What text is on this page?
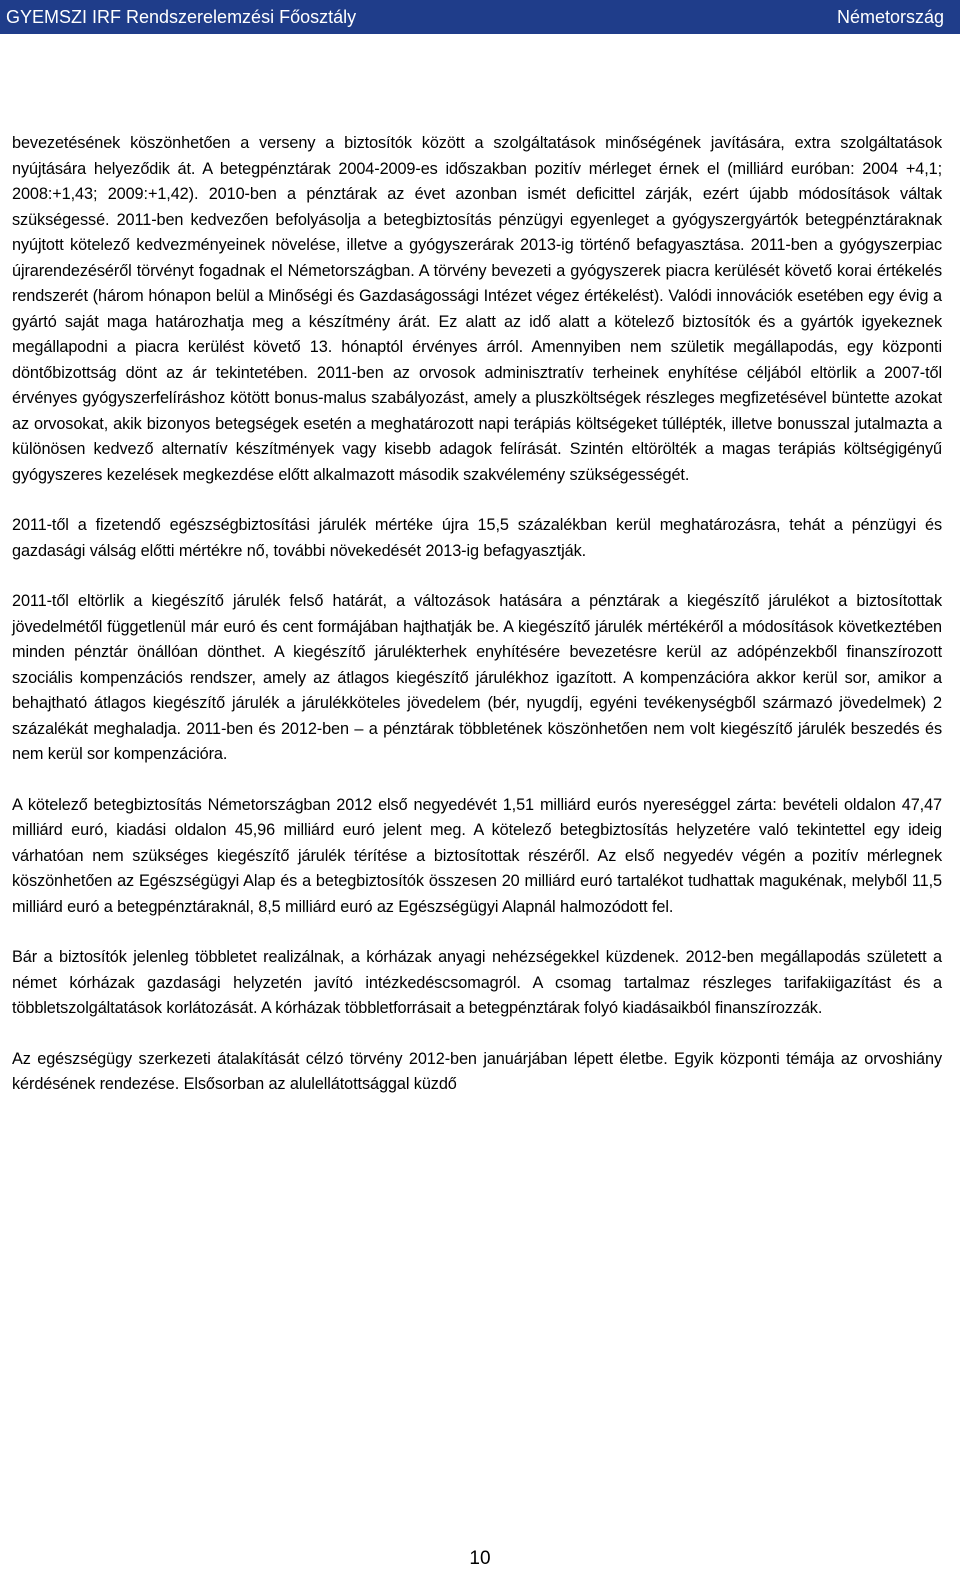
GYEMSZI IRF Rendszerelemzési Főosztály	Németország

bevezetésének köszönhetően a verseny a biztosítók között a szolgáltatások minőségének javítására, extra szolgáltatások nyújtására helyeződik át. A betegpénztárak 2004-2009-es időszakban pozitív mérleget érnek el (milliárd euróban: 2004 +4,1; 2008:+1,43; 2009:+1,42). 2010-ben a pénztárak az évet azonban ismét deficittel zárják, ezért újabb módosítások váltak szükségessé. 2011-ben kedvezően befolyásolja a betegbiztosítás pénzügyi egyenleget a gyógyszergyártók betegpénztáraknak nyújtott kötelező kedvezményeinek növelése, illetve a gyógyszerárak 2013-ig történő befagyasztása. 2011-ben a gyógyszerpiac újrarendezéséről törvényt fogadnak el Németországban. A törvény bevezeti a gyógyszerek piacra kerülését követő korai értékelés rendszerét (három hónapon belül a Minőségi és Gazdaságossági Intézet végez értékelést). Valódi innovációk esetében egy évig a gyártó saját maga határozhatja meg a készítmény árát. Ez alatt az idő alatt a kötelező biztosítók és a gyártók igyekeznek megállapodni a piacra kerülést követő 13. hónaptól érvényes árról. Amennyiben nem születik megállapodás, egy központi döntőbizottság dönt az ár tekintetében. 2011-ben az orvosok adminisztratív terheinek enyhítése céljából eltörlik a 2007-től érvényes gyógyszerfelíráshoz kötött bonus-malus szabályozást, amely a pluszköltségek részleges megfizetésével büntette azokat az orvosokat, akik bizonyos betegségek esetén a meghatározott napi terápiás költségeket túllépték, illetve bonusszal jutalmazta a különösen kedvező alternatív készítmények vagy kisebb adagok felírását. Szintén eltörölték a magas terápiás költségigényű gyógyszeres kezelések megkezdése előtt alkalmazott második szakvélemény szükségességét.

2011-től a fizetendő egészségbiztosítási járulék mértéke újra 15,5 százalékban kerül meghatározásra, tehát a pénzügyi és gazdasági válság előtti mértékre nő, további növekedését 2013-ig befagyasztják.

2011-től eltörlik a kiegészítő járulék felső határát, a változások hatására a pénztárak a kiegészítő járulékot a biztosítottak jövedelmétől függetlenül már euró és cent formájában hajthatják be. A kiegészítő járulék mértékéről a módosítások következtében minden pénztár önállóan dönthet. A kiegészítő járulékterhek enyhítésére bevezetésre kerül az adópénzekből finanszírozott szociális kompenzációs rendszer, amely az átlagos kiegészítő járulékhoz igazított. A kompenzációra akkor kerül sor, amikor a behajtható átlagos kiegészítő járulék a járulékköteles jövedelem (bér, nyugdíj, egyéni tevékenységből származó jövedelmek) 2 százalékát meghaladja. 2011-ben és 2012-ben – a pénztárak többletének köszönhetően nem volt kiegészítő járulék beszedés és nem kerül sor kompenzációra.

A kötelező betegbiztosítás Németországban 2012 első negyedévét 1,51 milliárd eurós nyereséggel zárta: bevételi oldalon 47,47 milliárd euró, kiadási oldalon 45,96 milliárd euró jelent meg. A kötelező betegbiztosítás helyzetére való tekintettel egy ideig várhatóan nem szükséges kiegészítő járulék térítése a biztosítottak részéről. Az első negyedév végén a pozitív mérlegnek köszönhetően az Egészségügyi Alap és a betegbiztosítók összesen 20 milliárd euró tartalékot tudhattak magukénak, melyből 11,5 milliárd euró a betegpénztáraknál, 8,5 milliárd euró az Egészségügyi Alapnál halmozódott fel.

Bár a biztosítók jelenleg többletet realizálnak, a kórházak anyagi nehézségekkel küzdenek. 2012-ben megállapodás született a német kórházak gazdasági helyzetén javító intézkedéscsomagról. A csomag tartalmaz részleges tarifakiigazítást és a többletszolgáltatások korlátozását. A kórházak többletforrásait a betegpénztárak folyó kiadásaikból finanszírozzák.

Az egészségügy szerkezeti átalakítását célzó törvény 2012-ben januárjában lépett életbe. Egyik központi témája az orvoshiány kérdésének rendezése. Elsősorban az alulellátottsággal küzdő

10
